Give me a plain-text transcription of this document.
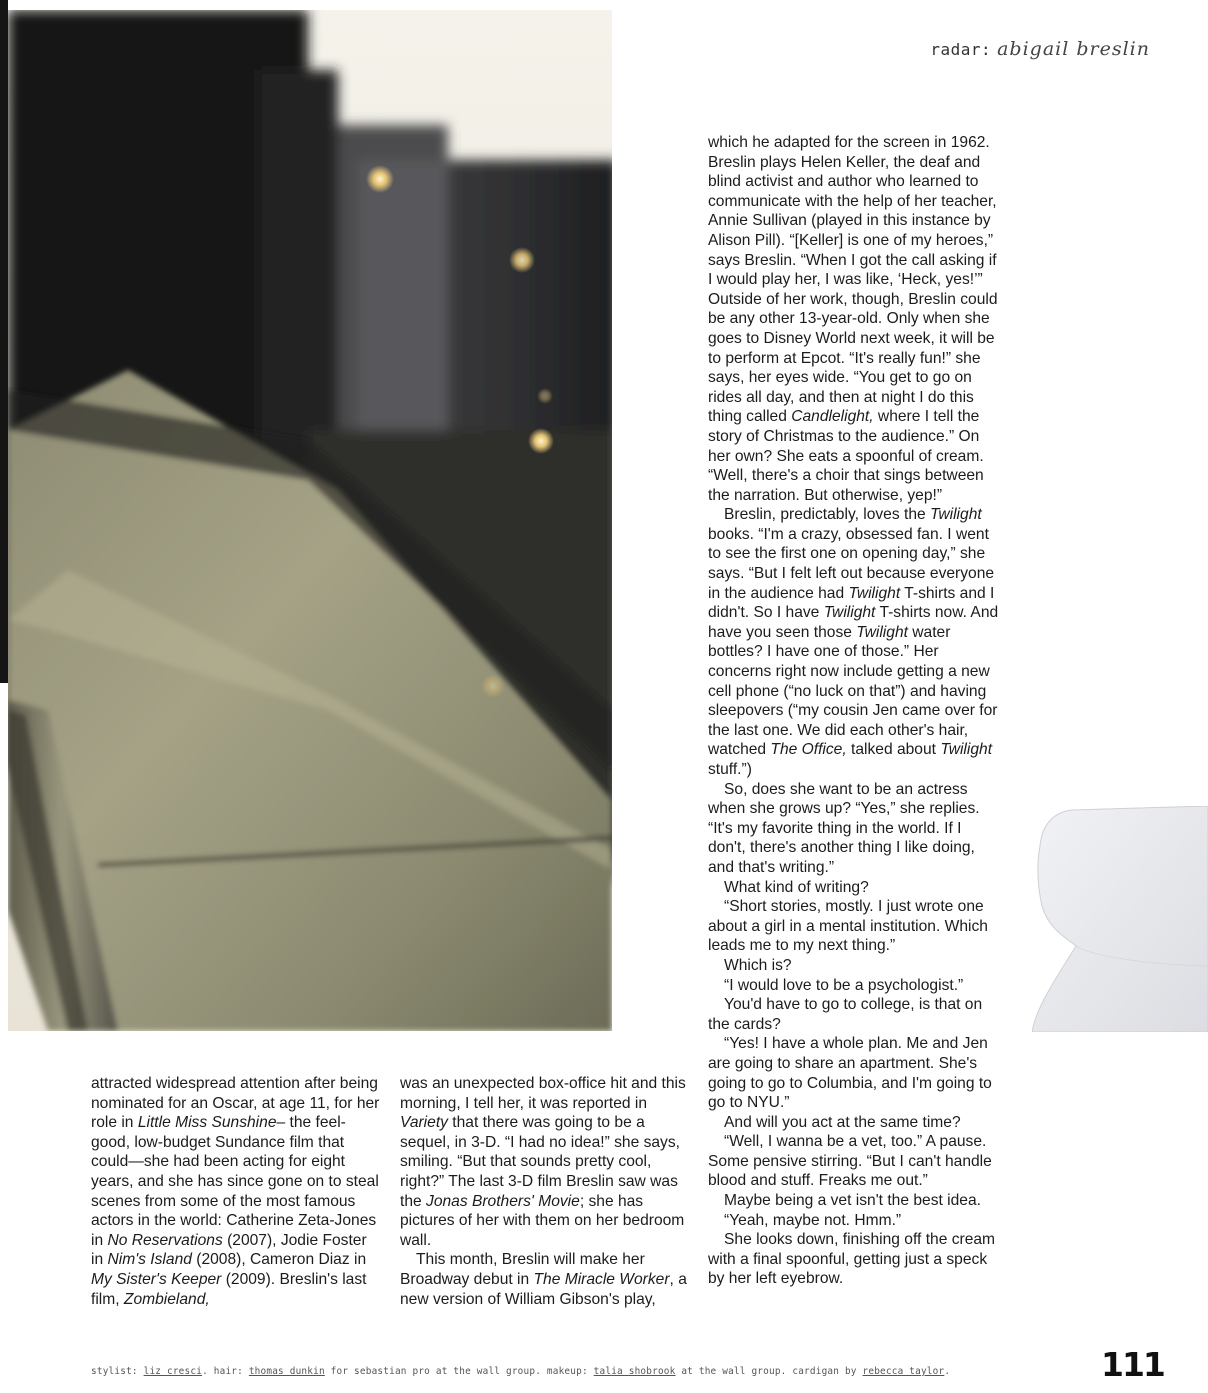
radar: abigail breslin

attracted widespread attention after being nominated for an Oscar, at age 11, for her role in Little Miss Sunshine– the feel-good, low-budget Sundance film that could—she had been acting for eight years, and she has since gone on to steal scenes from some of the most famous actors in the world: Catherine Zeta-Jones in No Reservations (2007), Jodie Foster in Nim's Island (2008), Cameron Diaz in My Sister's Keeper (2009). Breslin's last film, Zombieland,

was an unexpected box-office hit and this morning, I tell her, it was reported in Variety that there was going to be a sequel, in 3-D. “I had no idea!” she says, smiling. “But that sounds pretty cool, right?” The last 3-D film Breslin saw was the Jonas Brothers' Movie; she has pictures of her with them on her bedroom wall.

This month, Breslin will make her Broadway debut in The Miracle Worker, a new version of William Gibson's play,

which he adapted for the screen in 1962. Breslin plays Helen Keller, the deaf and blind activist and author who learned to communicate with the help of her teacher, Annie Sullivan (played in this instance by Alison Pill). “[Keller] is one of my heroes,” says Breslin. “When I got the call asking if I would play her, I was like, ‘Heck, yes!’” Outside of her work, though, Breslin could be any other 13-year-old. Only when she goes to Disney World next week, it will be to perform at Epcot. “It's really fun!” she says, her eyes wide. “You get to go on rides all day, and then at night I do this thing called Candlelight, where I tell the story of Christmas to the audience.” On her own? She eats a spoonful of cream. “Well, there's a choir that sings between the narration. But otherwise, yep!”

Breslin, predictably, loves the Twilight books. “I'm a crazy, obsessed fan. I went to see the first one on opening day,” she says. “But I felt left out because everyone in the audience had Twilight T-shirts and I didn't. So I have Twilight T-shirts now. And have you seen those Twilight water bottles? I have one of those.” Her concerns right now include getting a new cell phone (“no luck on that”) and having sleepovers (“my cousin Jen came over for the last one. We did each other's hair, watched The Office, talked about Twilight stuff.”)

So, does she want to be an actress when she grows up? “Yes,” she replies. “It's my favorite thing in the world. If I don't, there's another thing I like doing, and that's writing.”

What kind of writing?

“Short stories, mostly. I just wrote one about a girl in a mental institution. Which leads me to my next thing.”

Which is?

“I would love to be a psychologist.”

You'd have to go to college, is that on the cards?

“Yes! I have a whole plan. Me and Jen are going to share an apartment. She's going to go to Columbia, and I'm going to go to NYU.”

And will you act at the same time?

“Well, I wanna be a vet, too.” A pause. Some pensive stirring. “But I can't handle blood and stuff. Freaks me out.”

Maybe being a vet isn't the best idea.

“Yeah, maybe not. Hmm.”

She looks down, finishing off the cream with a final spoonful, getting just a speck by her left eyebrow.

stylist: liz cresci. hair: thomas dunkin for sebastian pro at the wall group. makeup: talia shobrook at the wall group. cardigan by rebecca taylor.	111
